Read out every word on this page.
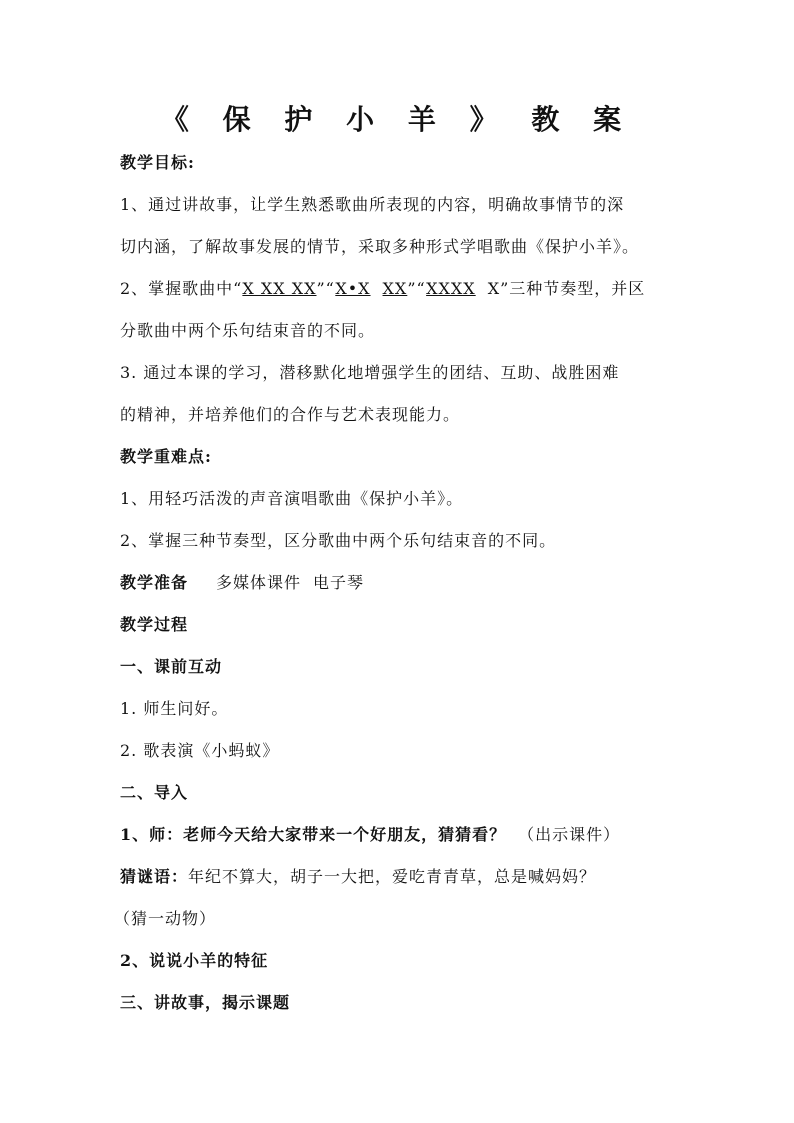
《 保 护 小 羊 》 教 案
教学目标:
1、通过讲故事，让学生熟悉歌曲所表现的内容，明确故事情节的深
切内涵，了解故事发展的情节，采取多种形式学唱歌曲《保护小羊》。
2、掌握歌曲中“X XX XX”“X•X XX”“XXXX X”三种节奏型，并区
分歌曲中两个乐句结束音的不同。
3. 通过本课的学习，潜移默化地增强学生的团结、互助、战胜困难
的精神，并培养他们的合作与艺术表现能力。
教学重难点:
1、用轻巧活泼的声音演唱歌曲《保护小羊》。
2、掌握三种节奏型，区分歌曲中两个乐句结束音的不同。
教学准备 多媒体课件 电子琴
教学过程
一、课前互动
1. 师生问好。
2. 歌表演《小蚂蚁》
二、导入
1、师：老师今天给大家带来一个好朋友，猜猜看？ （出示课件）
猜谜语：年纪不算大，胡子一大把，爱吃青青草，总是喊妈妈？
（猜一动物）
2、说说小羊的特征
三、讲故事，揭示课题
